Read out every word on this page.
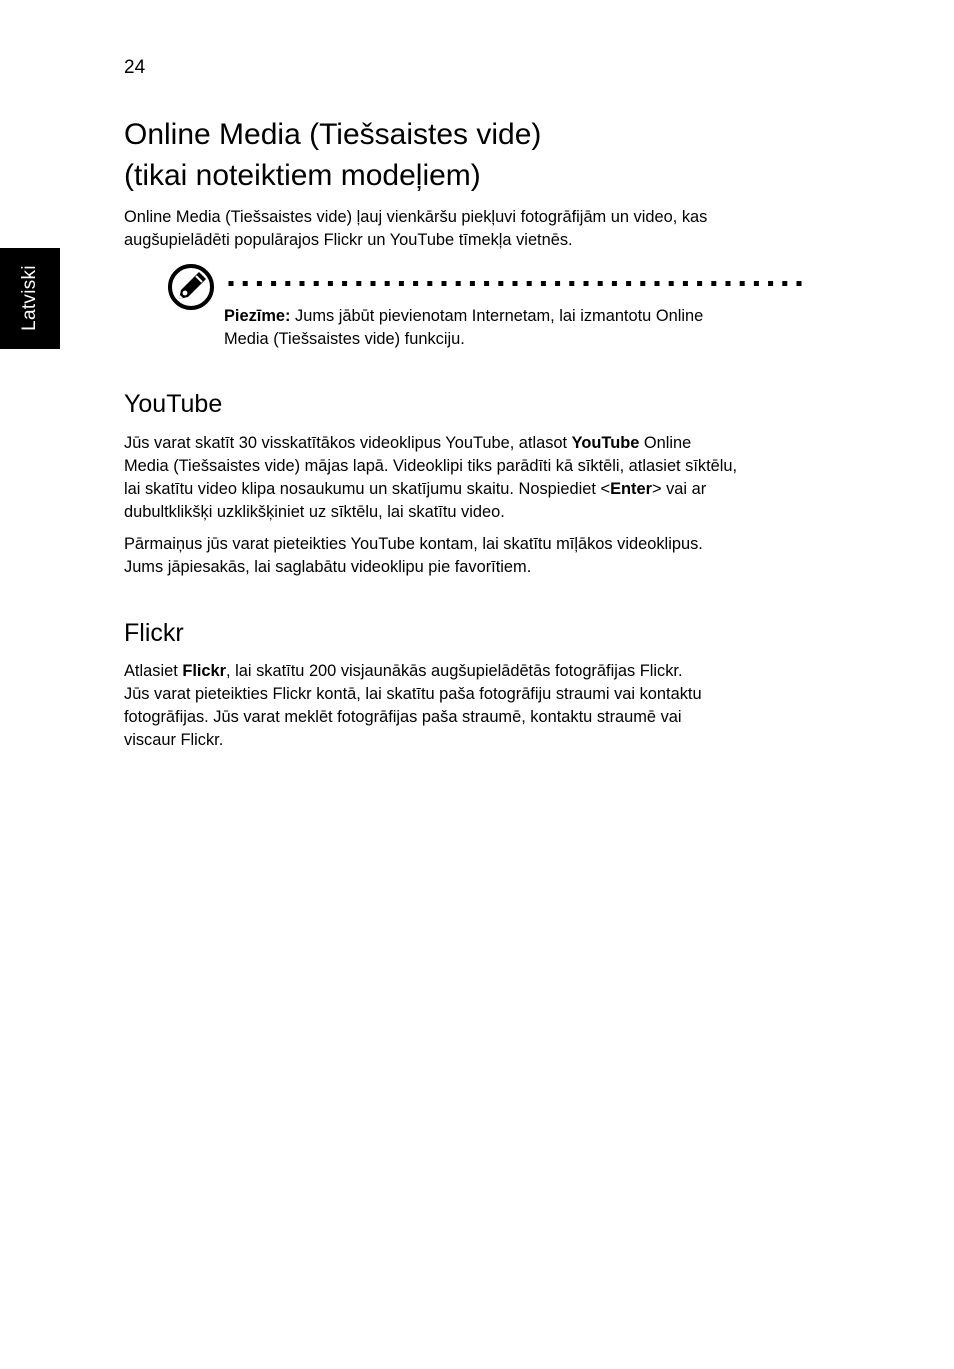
24
Latviski
Online Media (Tiešsaistes vide)
(tikai noteiktiem modeļiem)

Online Media (Tiešsaistes vide) ļauj vienkāršu piekļuvi fotogrāfijām un video, kas
augšupielādēti populārajos Flickr un YouTube tīmekļa vietnēs.

Piezīme: Jums jābūt pievienotam Internetam, lai izmantotu Online
Media (Tiešsaistes vide) funkciju.

YouTube

Jūs varat skatīt 30 visskatītākos videoklipus YouTube, atlasot YouTube Online
Media (Tiešsaistes vide) mājas lapā. Videoklipi tiks parādīti kā sīktēli, atlasiet sīktēlu,
lai skatītu video klipa nosaukumu un skatījumu skaitu. Nospiediet <Enter> vai ar
dubultklikšķi uzklikšķiniet uz sīktēlu, lai skatītu video.

Pārmaiņus jūs varat pieteikties YouTube kontam, lai skatītu mīļākos videoklipus.
Jums jāpiesakās, lai saglabātu videoklipu pie favorītiem.

Flickr

Atlasiet Flickr, lai skatītu 200 visjaunākās augšupielādētās fotogrāfijas Flickr.
Jūs varat pieteikties Flickr kontā, lai skatītu paša fotogrāfiju straumi vai kontaktu
fotogrāfijas. Jūs varat meklēt fotogrāfijas paša straumē, kontaktu straumē vai
viscaur Flickr.
